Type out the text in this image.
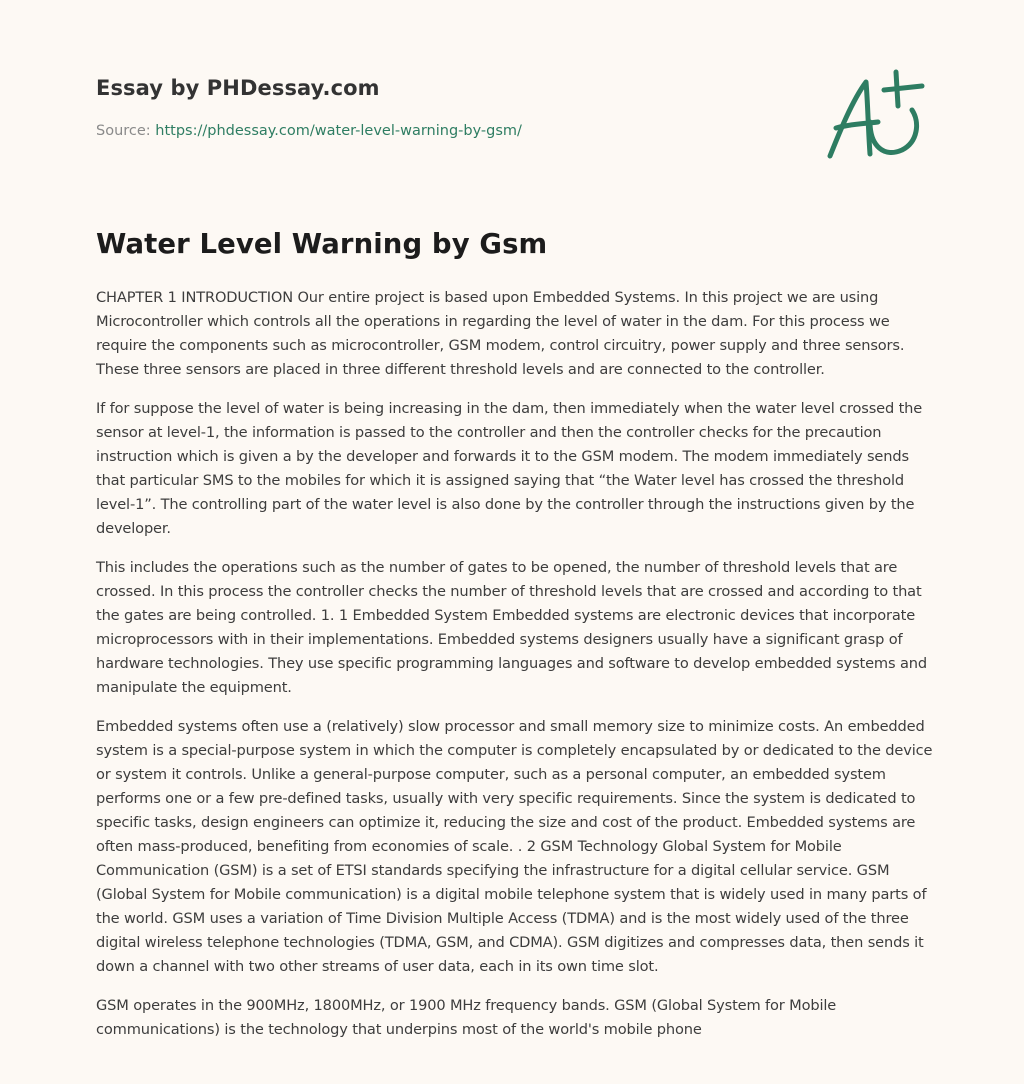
Essay by PHDessay.com
Source: https://phdessay.com/water-level-warning-by-gsm/
Water Level Warning by Gsm

CHAPTER 1 INTRODUCTION Our entire project is based upon Embedded Systems. In this project we are using Microcontroller which controls all the operations in regarding the level of water in the dam. For this process we require the components such as microcontroller, GSM modem, control circuitry, power supply and three sensors. These three sensors are placed in three different threshold levels and are connected to the controller.

If for suppose the level of water is being increasing in the dam, then immediately when the water level crossed the sensor at level-1, the information is passed to the controller and then the controller checks for the precaution instruction which is given a by the developer and forwards it to the GSM modem. The modem immediately sends that particular SMS to the mobiles for which it is assigned saying that “the Water level has crossed the threshold level-1”. The controlling part of the water level is also done by the controller through the instructions given by the developer.

This includes the operations such as the number of gates to be opened, the number of threshold levels that are crossed. In this process the controller checks the number of threshold levels that are crossed and according to that the gates are being controlled. 1. 1 Embedded System Embedded systems are electronic devices that incorporate microprocessors with in their implementations. Embedded systems designers usually have a significant grasp of hardware technologies. They use specific programming languages and software to develop embedded systems and manipulate the equipment.

Embedded systems often use a (relatively) slow processor and small memory size to minimize costs. An embedded system is a special-purpose system in which the computer is completely encapsulated by or dedicated to the device or system it controls. Unlike a general-purpose computer, such as a personal computer, an embedded system performs one or a few pre-defined tasks, usually with very specific requirements. Since the system is dedicated to specific tasks, design engineers can optimize it, reducing the size and cost of the product. Embedded systems are often mass-produced, benefiting from economies of scale. . 2 GSM Technology Global System for Mobile Communication (GSM) is a set of ETSI standards specifying the infrastructure for a digital cellular service. GSM (Global System for Mobile communication) is a digital mobile telephone system that is widely used in many parts of the world. GSM uses a variation of Time Division Multiple Access (TDMA) and is the most widely used of the three digital wireless telephone technologies (TDMA, GSM, and CDMA). GSM digitizes and compresses data, then sends it down a channel with two other streams of user data, each in its own time slot.

GSM operates in the 900MHz, 1800MHz, or 1900 MHz frequency bands. GSM (Global System for Mobile communications) is the technology that underpins most of the world's mobile phone
